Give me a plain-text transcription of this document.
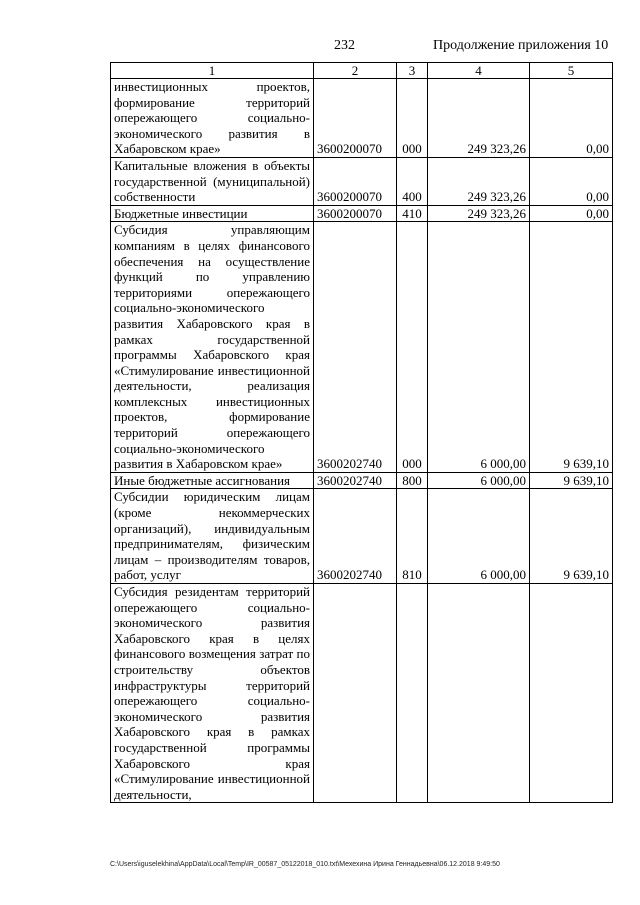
232	Продолжение приложения 10
1	2	3	4	5
инвестиционных проектов, формирование территорий опережающего социально-экономического развития в Хабаровском крае»	3600200070	000	249 323,26	0,00
Капитальные вложения в объекты государственной (муниципальной) собственности	3600200070	400	249 323,26	0,00
Бюджетные инвестиции	3600200070	410	249 323,26	0,00
Субсидия управляющим компаниям в целях финансового обеспечения на осуществление функций по управлению территориями опережающего социально-экономического развития Хабаровского края в рамках государственной программы Хабаровского края «Стимулирование инвестиционной деятельности, реализация комплексных инвестиционных проектов, формирование территорий опережающего социально-экономического развития в Хабаровском крае»	3600202740	000	6 000,00	9 639,10
Иные бюджетные ассигнования	3600202740	800	6 000,00	9 639,10
Субсидии юридическим лицам (кроме некоммерческих организаций), индивидуальным предпринимателям, физическим лицам – производителям товаров, работ, услуг	3600202740	810	6 000,00	9 639,10
Субсидия резидентам территорий опережающего социально-экономического развития Хабаровского края в целях финансового возмещения затрат по строительству объектов инфраструктуры территорий опережающего социально-экономического развития Хабаровского края в рамках государственной программы Хабаровского края «Стимулирование инвестиционной деятельности,				
C:\Users\iguselekhina\AppData\Local\Temp\IR_00587_05122018_010.txt\Мехехина Ирина Геннадьевна\06.12.2018 9:49:50
